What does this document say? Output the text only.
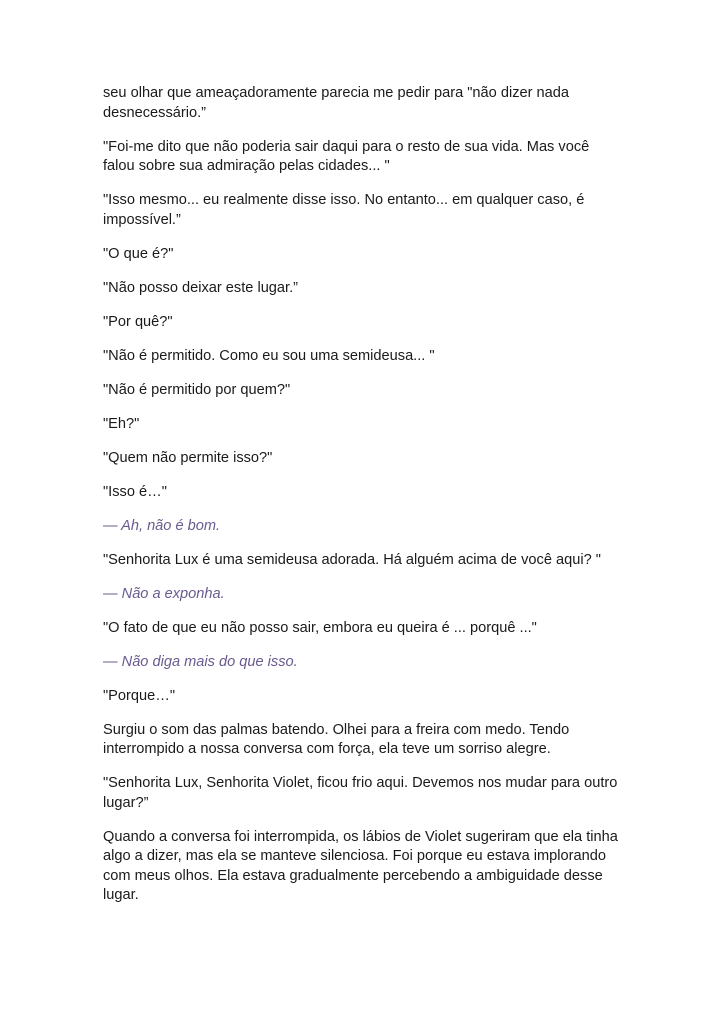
seu olhar que ameaçadoramente parecia me pedir para "não dizer nada desnecessário.”

"Foi-me dito que não poderia sair daqui para o resto de sua vida. Mas você falou sobre sua admiração pelas cidades... "

"Isso mesmo... eu realmente disse isso. No entanto... em qualquer caso, é impossível.”

"O que é?"

"Não posso deixar este lugar.”

"Por quê?"

"Não é permitido. Como eu sou uma semideusa... "

"Não é permitido por quem?"

"Eh?"

"Quem não permite isso?"

"Isso é…"

— Ah, não é bom.

"Senhorita Lux é uma semideusa adorada. Há alguém acima de você aqui? "

— Não a exponha.

"O fato de que eu não posso sair, embora eu queira é ... porquê ..."

— Não diga mais do que isso.

"Porque…"

Surgiu o som das palmas batendo. Olhei para a freira com medo. Tendo interrompido a nossa conversa com força, ela teve um sorriso alegre.

"Senhorita Lux, Senhorita Violet, ficou frio aqui. Devemos nos mudar para outro lugar?”

Quando a conversa foi interrompida, os lábios de Violet sugeriram que ela tinha algo a dizer, mas ela se manteve silenciosa. Foi porque eu estava implorando com meus olhos. Ela estava gradualmente percebendo a ambiguidade desse lugar.
